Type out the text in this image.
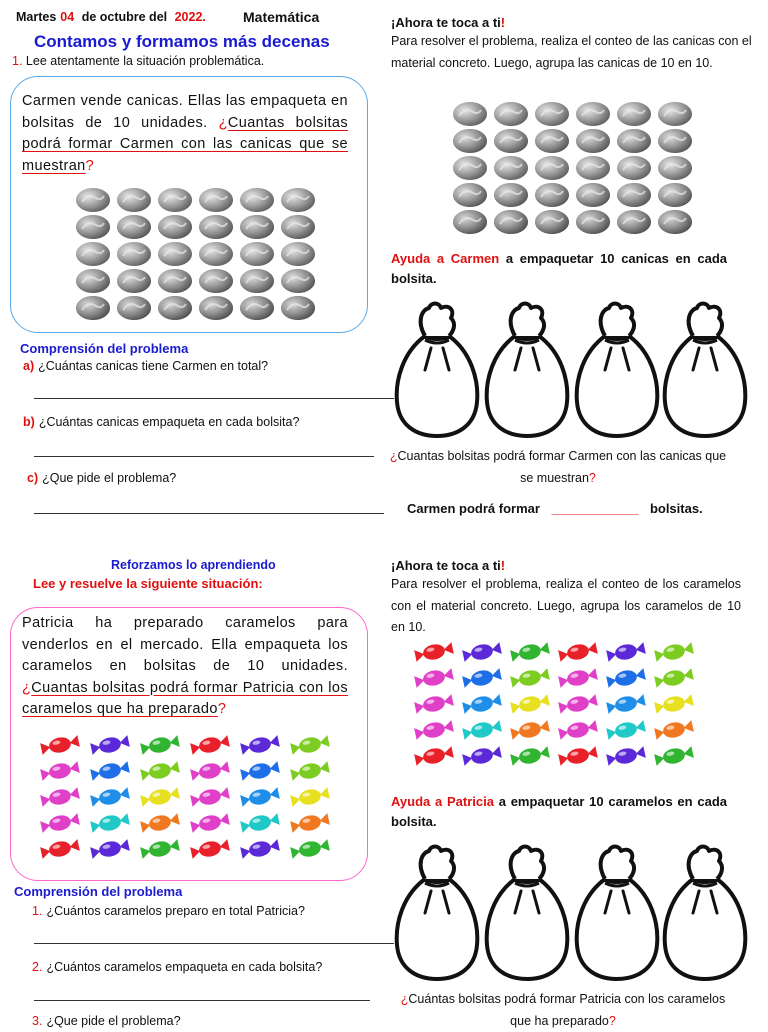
Martes 04 de octubre del 2022.	Matemática
Contamos y formamos más decenas
1. Lee atentamente la situación problemática.
Carmen vende canicas. Ellas las empaqueta en bolsitas de 10 unidades. ¿Cuantas bolsitas podrá formar Carmen con las canicas que se muestran?
Comprensión del problema
a) ¿Cuántas canicas tiene Carmen en total?
b) ¿Cuántas canicas empaqueta en cada bolsita?
c) ¿Que pide el problema?
¡Ahora te toca a ti!
Para resolver el problema, realiza el conteo de las canicas con el material concreto. Luego, agrupa las canicas de 10 en 10.
Ayuda a Carmen a empaquetar 10 canicas en cada bolsita.
¿Cuantas bolsitas podrá formar Carmen con las canicas que se muestran?
Carmen podrá formar ____________ bolsitas.
Reforzamos lo aprendiendo
Lee y resuelve la siguiente situación:
Patricia ha preparado caramelos para venderlos en el mercado. Ella empaqueta los caramelos en bolsitas de 10 unidades. ¿Cuantas bolsitas podrá formar Patricia con los caramelos que ha preparado?
Comprensión del problema
1. ¿Cuántos caramelos preparo en total Patricia?
2. ¿Cuántos caramelos empaqueta en cada bolsita?
3. ¿Que pide el problema?
¡Ahora te toca a ti!
Para resolver el problema, realiza el conteo de los caramelos con el material concreto. Luego, agrupa los caramelos de 10 en 10.
Ayuda a Patricia a empaquetar 10 caramelos en cada bolsita.
¿Cuántas bolsitas podrá formar Patricia con los caramelos que ha preparado?
